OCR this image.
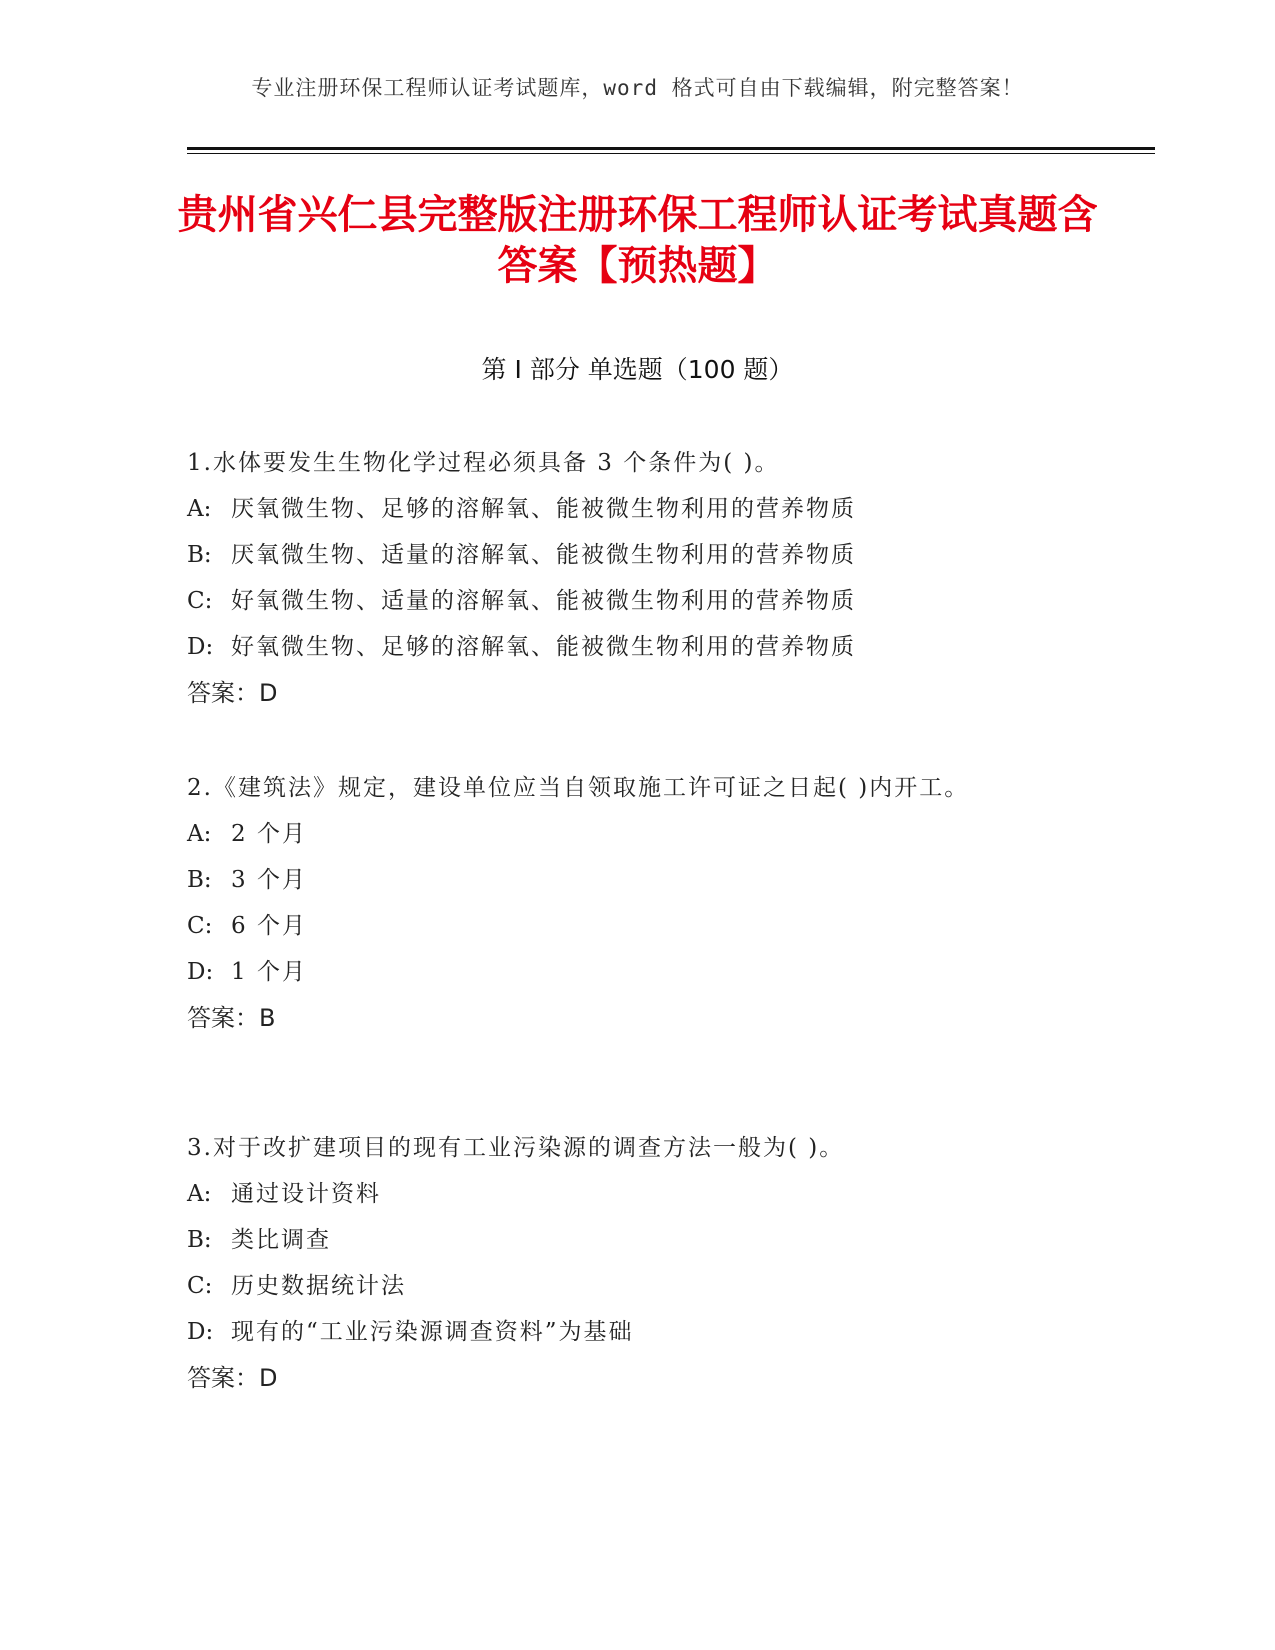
专业注册环保工程师认证考试题库，word 格式可自由下载编辑，附完整答案！
贵州省兴仁县完整版注册环保工程师认证考试真题含答案【预热题】
第 I 部分 单选题（100 题）
1.水体要发生生物化学过程必须具备 3 个条件为( )。
A: 厌氧微生物、足够的溶解氧、能被微生物利用的营养物质
B: 厌氧微生物、适量的溶解氧、能被微生物利用的营养物质
C: 好氧微生物、适量的溶解氧、能被微生物利用的营养物质
D: 好氧微生物、足够的溶解氧、能被微生物利用的营养物质
答案：D
2.《建筑法》规定，建设单位应当自领取施工许可证之日起( )内开工。
A: 2 个月
B: 3 个月
C: 6 个月
D: 1 个月
答案：B
3.对于改扩建项目的现有工业污染源的调查方法一般为( )。
A: 通过设计资料
B: 类比调查
C: 历史数据统计法
D: 现有的“工业污染源调查资料”为基础
答案：D
